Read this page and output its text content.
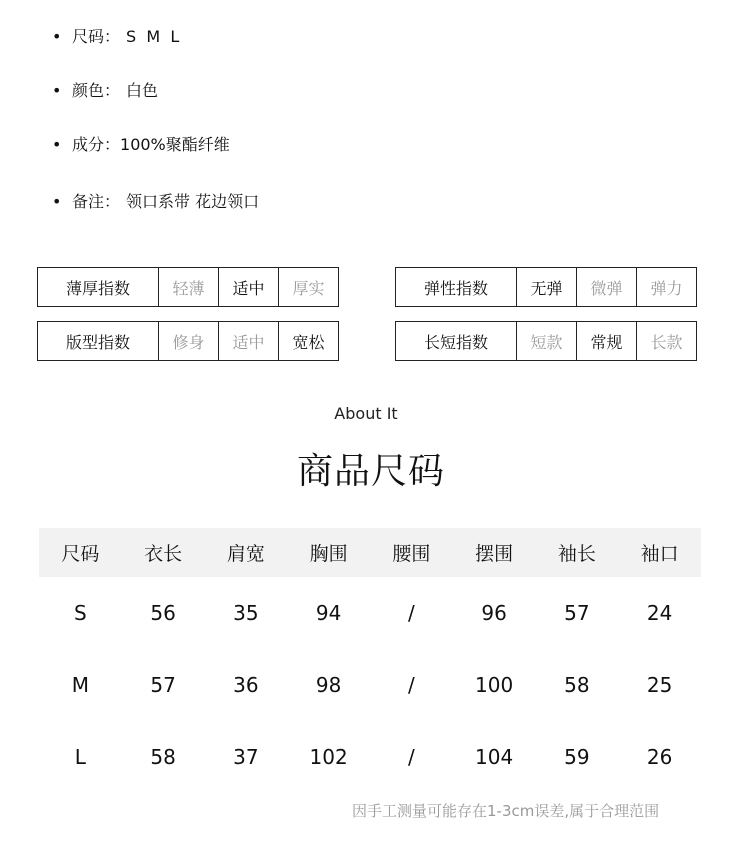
• 尺码： S  M  L
• 颜色： 白色
• 成分：100%聚酯纤维
• 备注： 领口系带 花边领口
薄厚指数	轻薄	适中	厚实	弹性指数	无弹	微弹	弹力
版型指数	修身	适中	宽松	长短指数	短款	常规	长款
About It
商品尺码
尺码	衣长	肩宽	胸围	腰围	摆围	袖长	袖口
S	56	35	94	/	96	57	24
M	57	36	98	/	100	58	25
L	58	37	102	/	104	59	26
因手工测量可能存在1-3cm误差,属于合理范围
